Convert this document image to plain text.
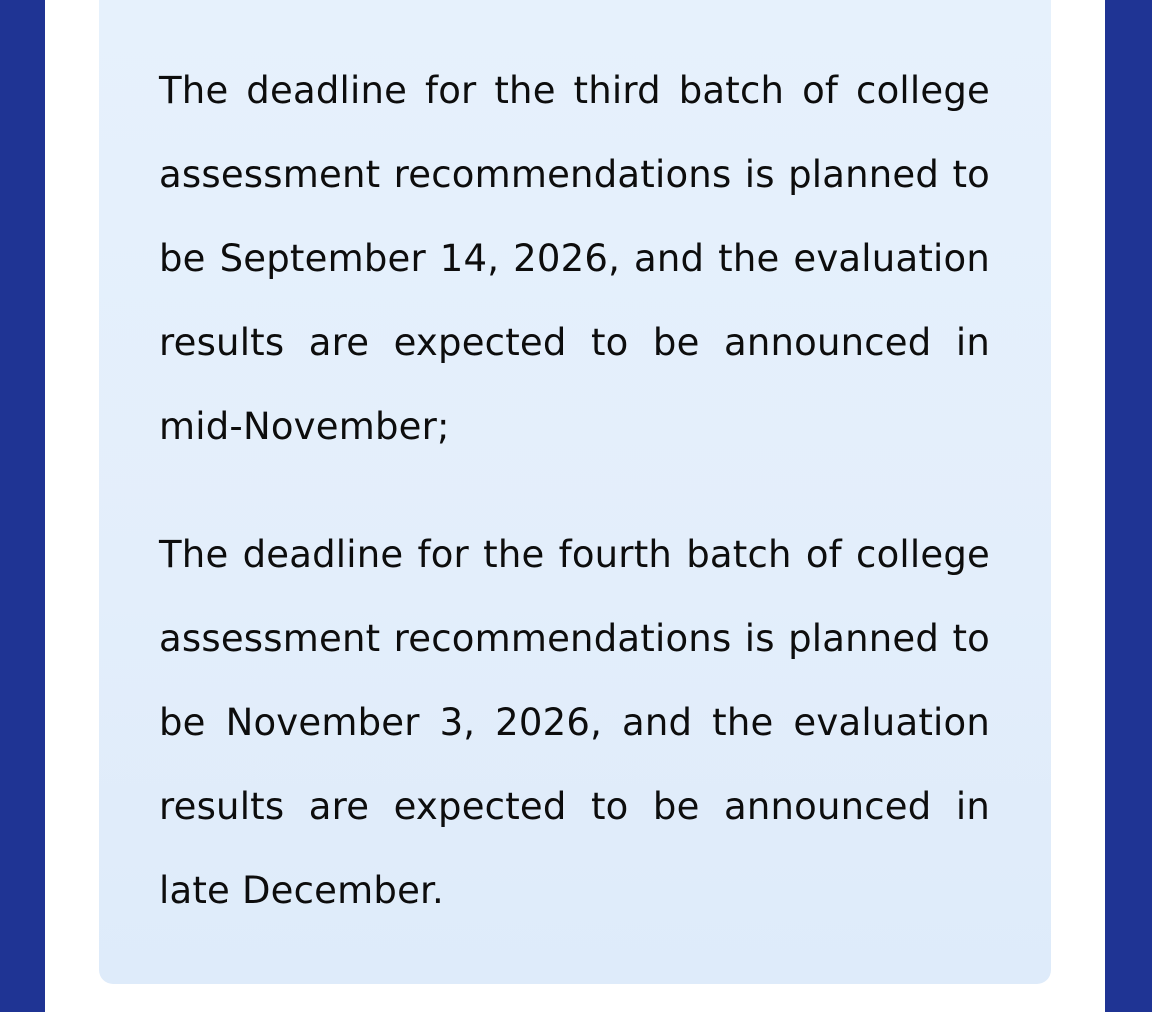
The deadline for the third batch of college assessment recommendations is planned to be September 14, 2026, and the evaluation results are expected to be announced in mid-November;

The deadline for the fourth batch of college assessment recommendations is planned to be November 3, 2026, and the evaluation results are expected to be announced in late December.
